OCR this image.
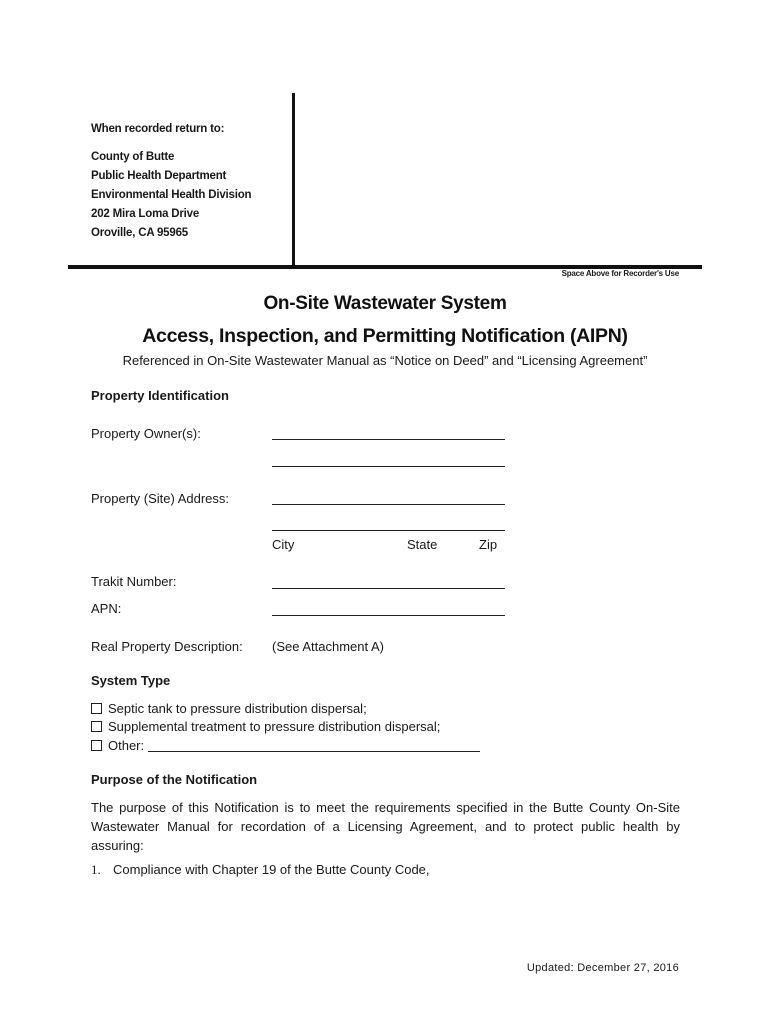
When recorded return to:
County of Butte
Public Health Department
Environmental Health Division
202 Mira Loma Drive
Oroville, CA 95965
Space Above for Recorder's Use
On-Site Wastewater System
Access, Inspection, and Permitting Notification (AIPN)
Referenced in On-Site Wastewater Manual as “Notice on Deed” and “Licensing Agreement”
Property Identification
Property Owner(s):
Property (Site) Address:
City	State	Zip
Trakit Number:
APN:
Real Property Description: (See Attachment A)
System Type
Septic tank to pressure distribution dispersal;
Supplemental treatment to pressure distribution dispersal;
Other:
Purpose of the Notification
The purpose of this Notification is to meet the requirements specified in the Butte County On-Site Wastewater Manual for recordation of a Licensing Agreement, and to protect public health by assuring:
1. Compliance with Chapter 19 of the Butte County Code,
Updated: December 27, 2016
